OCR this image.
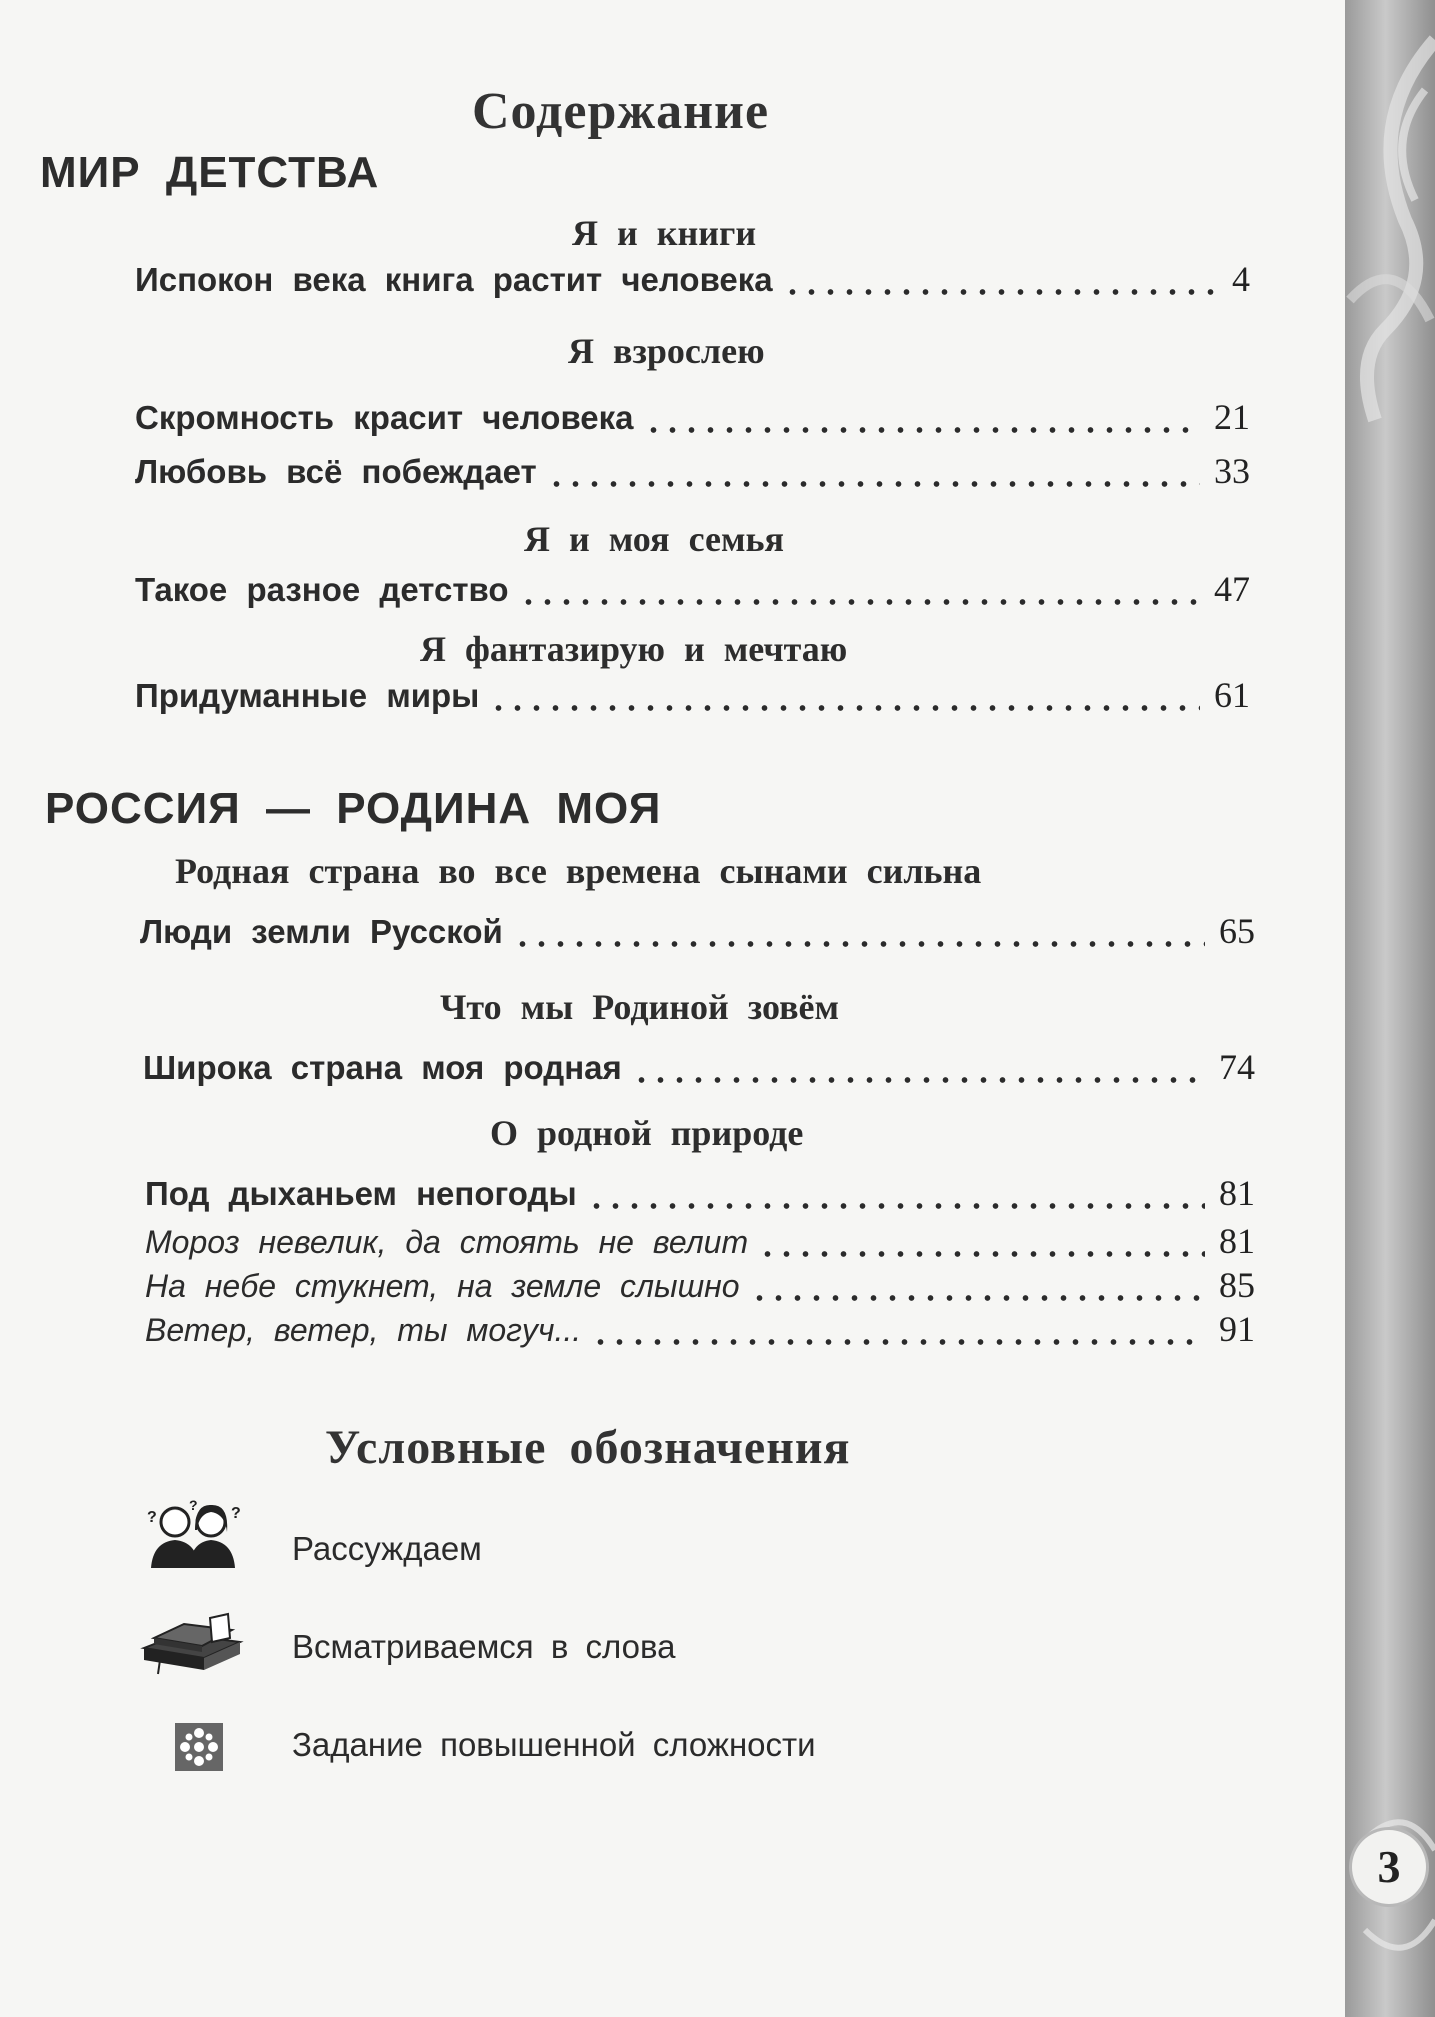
Содержание
МИР ДЕТСТВА
Я и книги
Испокон века книга растит человека	4
Я взрослею
Скромность красит человека	21
Любовь всё побеждает	33
Я и моя семья
Такое разное детство	47
Я фантазирую и мечтаю
Придуманные миры	61
РОССИЯ — РОДИНА МОЯ
Родная страна во все времена сынами сильна
Люди земли Русской	65
Что мы Родиной зовём
Широка страна моя родная	74
О родной природе
Под дыханьем непогоды	81
Мороз невелик, да стоять не велит	81
На небе стукнет, на земле слышно	85
Ветер, ветер, ты могуч...	91
Условные обозначения
?
? ?
Рассуждаем
Всматриваемся в слова
Задание повышенной сложности
3
